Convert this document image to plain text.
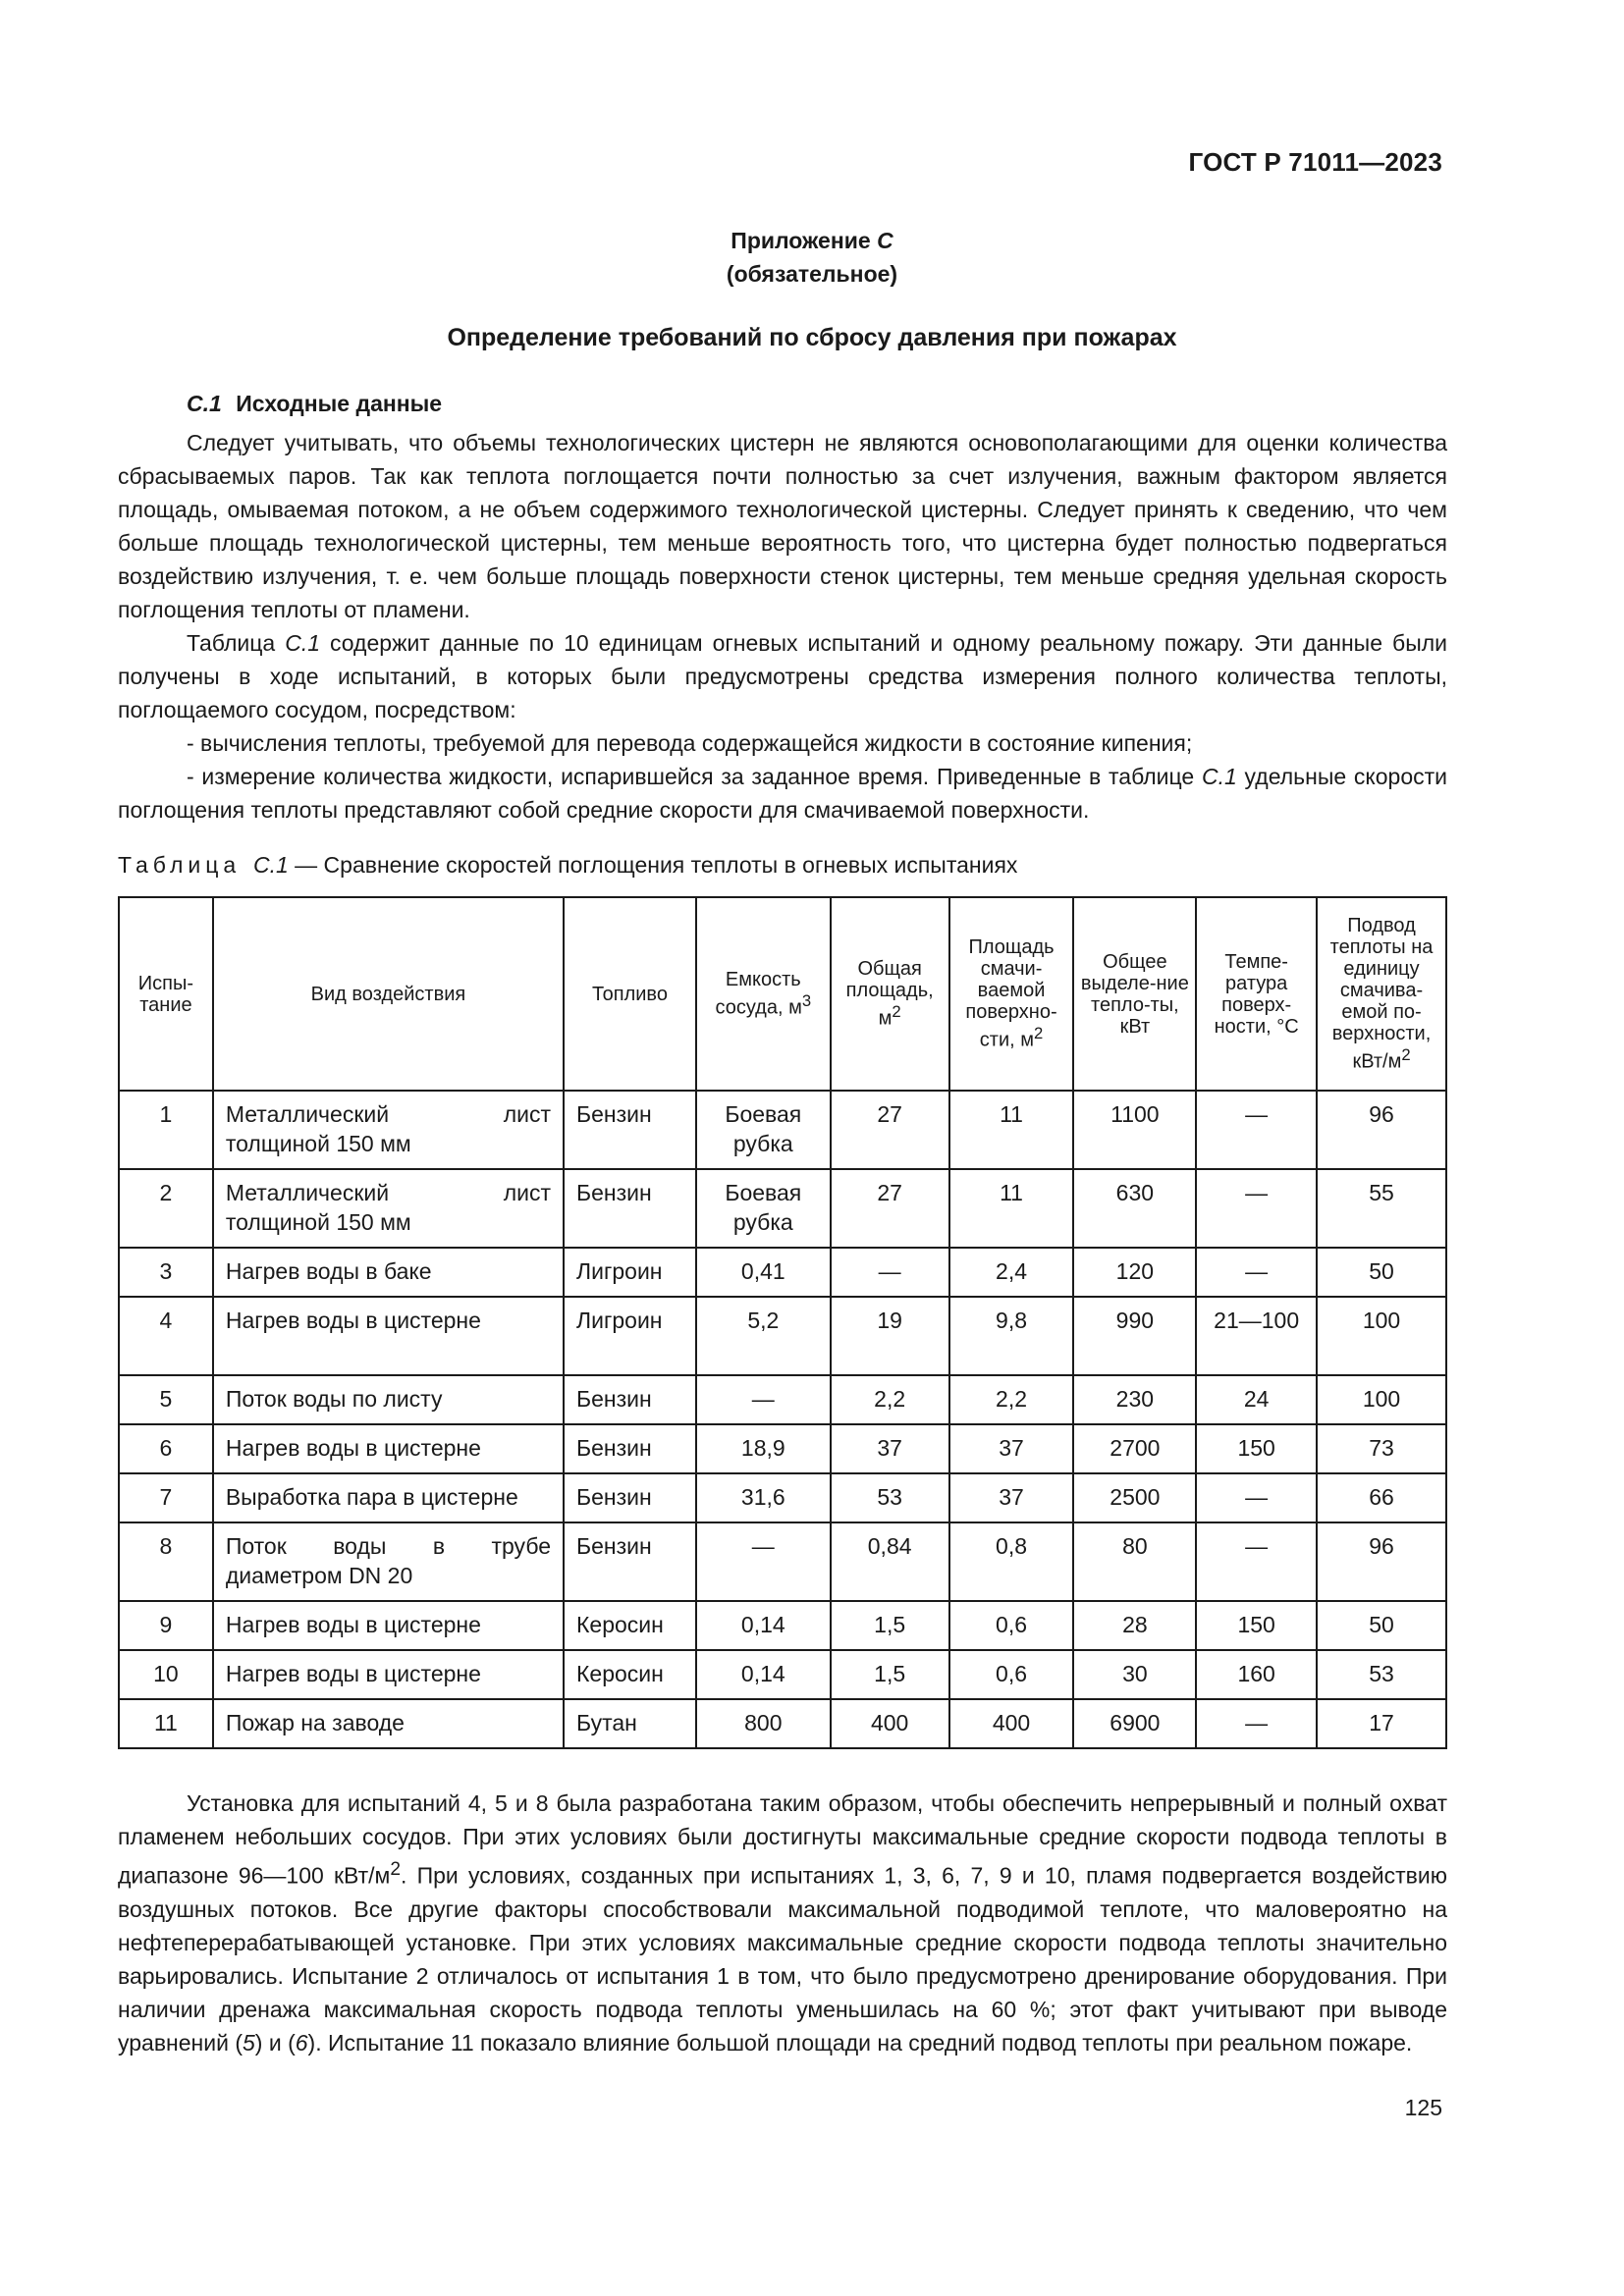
ГОСТ Р 71011—2023
Приложение С
(обязательное)
Определение требований по сбросу давления при пожарах
С.1 Исходные данные

Следует учитывать, что объемы технологических цистерн не являются основополагающими для оценки количества сбрасываемых паров. Так как теплота поглощается почти полностью за счет излучения, важным фактором является площадь, омываемая потоком, а не объем содержимого технологической цистерны. Следует принять к сведению, что чем больше площадь технологической цистерны, тем меньше вероятность того, что цистерна будет полностью подвергаться воздействию излучения, т. е. чем больше площадь поверхности стенок цистерны, тем меньше средняя удельная скорость поглощения теплоты от пламени.

Таблица С.1 содержит данные по 10 единицам огневых испытаний и одному реальному пожару. Эти данные были получены в ходе испытаний, в которых были предусмотрены средства измерения полного количества теплоты, поглощаемого сосудом, посредством:

- вычисления теплоты, требуемой для перевода содержащейся жидкости в состояние кипения;

- измерение количества жидкости, испарившейся за заданное время. Приведенные в таблице С.1 удельные скорости поглощения теплоты представляют собой средние скорости для смачиваемой поверхности.

Таблица С.1 — Сравнение скоростей поглощения теплоты в огневых испытаниях
Испы-тание	Вид воздействия	Топливо	Емкость сосуда, $м^3$	Общая площадь, $м^2$	Площадь смачи-ваемой поверхно-сти, $м^2$	Общее выделе-ние тепло-ты, кВт	Темпе-ратура поверх-ности, °С	Подвод теплоты на единицу смачива-емой по-верхности, кВт/$м^2$
1	Металлический лист толщиной 150 мм	Бензин	Боевая рубка	27	11	1100	—	96
2	Металлический лист толщиной 150 мм	Бензин	Боевая рубка	27	11	630	—	55
3	Нагрев воды в баке	Лигроин	0,41	—	2,4	120	—	50
4	Нагрев воды в цистерне	Лигроин	5,2	19	9,8	990	21—100	100
5	Поток воды по листу	Бензин	—	2,2	2,2	230	24	100
6	Нагрев воды в цистерне	Бензин	18,9	37	37	2700	150	73
7	Выработка пара в цистерне	Бензин	31,6	53	37	2500	—	66
8	Поток воды в трубе диаметром DN 20	Бензин	—	0,84	0,8	80	—	96
9	Нагрев воды в цистерне	Керосин	0,14	1,5	0,6	28	150	50
10	Нагрев воды в цистерне	Керосин	0,14	1,5	0,6	30	160	53
11	Пожар на заводе	Бутан	800	400	400	6900	—	17

Установка для испытаний 4, 5 и 8 была разработана таким образом, чтобы обеспечить непрерывный и полный охват пламенем небольших сосудов. При этих условиях были достигнуты максимальные средние скорости подвода теплоты в диапазоне 96—100 кВт/$м^2$. При условиях, созданных при испытаниях 1, 3, 6, 7, 9 и 10, пламя подвергается воздействию воздушных потоков. Все другие факторы способствовали максимальной подводимой теплоте, что маловероятно на нефтеперерабатывающей установке. При этих условиях максимальные средние скорости подвода теплоты значительно варьировались. Испытание 2 отличалось от испытания 1 в том, что было предусмотрено дренирование оборудования. При наличии дренажа максимальная скорость подвода теплоты уменьшилась на 60 %; этот факт учитывают при выводе уравнений (5) и (6). Испытание 11 показало влияние большой площади на средний подвод теплоты при реальном пожаре.

125
